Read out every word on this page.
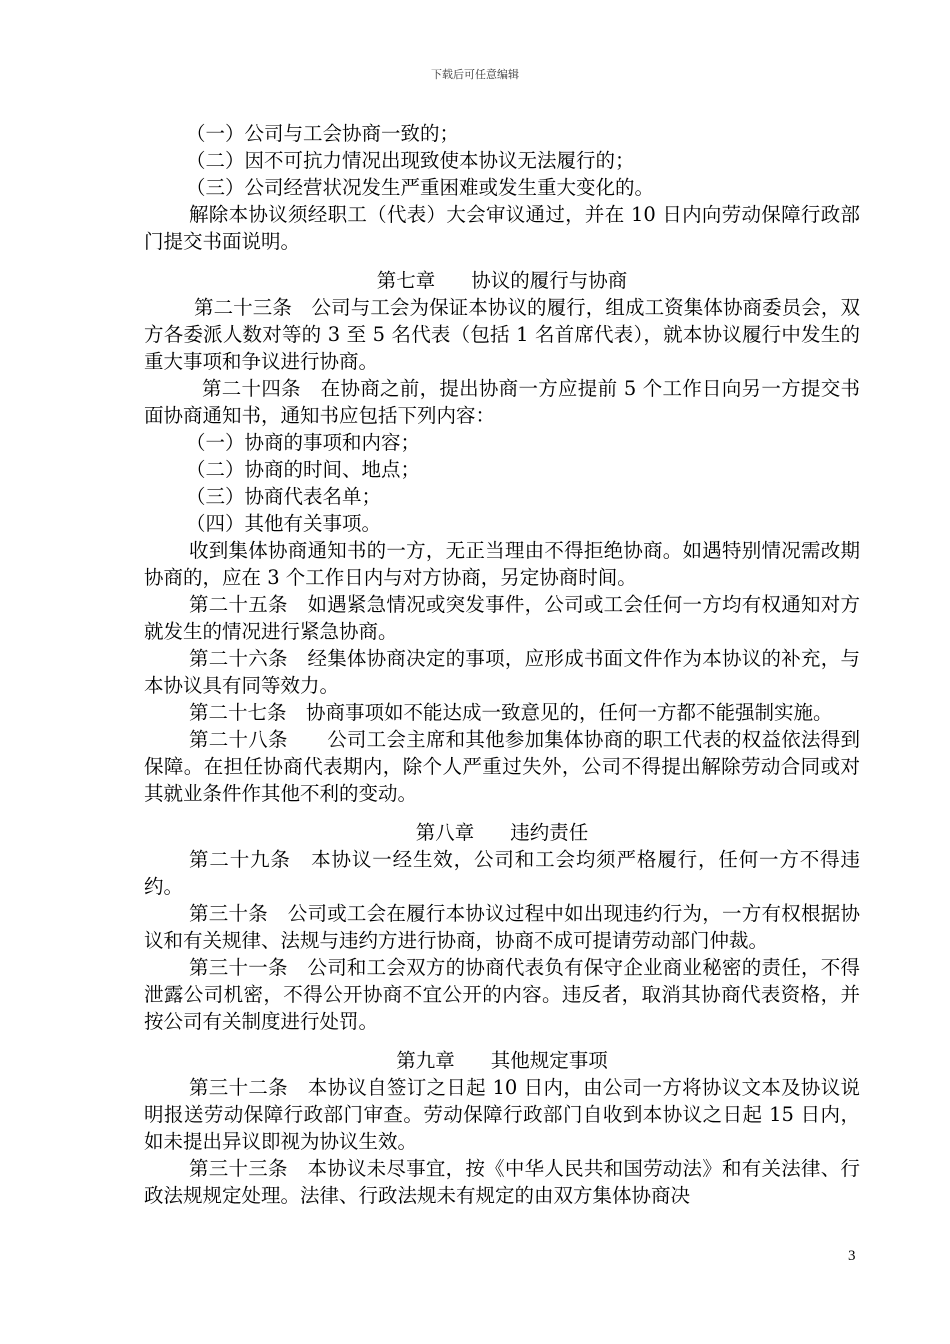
下载后可任意编辑

（一）公司与工会协商一致的；

（二）因不可抗力情况出现致使本协议无法履行的；

（三）公司经营状况发生严重困难或发生重大变化的。

解除本协议须经职工（代表）大会审议通过，并在 10 日内向劳动保障行政部门提交书面说明。

第七章 协议的履行与协商

第二十三条　公司与工会为保证本协议的履行，组成工资集体协商委员会，双方各委派人数对等的 3 至 5 名代表（包括 1 名首席代表），就本协议履行中发生的重大事项和争议进行协商。

第二十四条　在协商之前，提出协商一方应提前 5 个工作日向另一方提交书面协商通知书，通知书应包括下列内容：

（一）协商的事项和内容；

（二）协商的时间、地点；

（三）协商代表名单；

（四）其他有关事项。

收到集体协商通知书的一方，无正当理由不得拒绝协商。如遇特别情况需改期协商的，应在 3 个工作日内与对方协商，另定协商时间。

第二十五条　如遇紧急情况或突发事件，公司或工会任何一方均有权通知对方就发生的情况进行紧急协商。

第二十六条　经集体协商决定的事项，应形成书面文件作为本协议的补充，与本协议具有同等效力。

第二十七条　协商事项如不能达成一致意见的，任何一方都不能强制实施。

第二十八条　　公司工会主席和其他参加集体协商的职工代表的权益依法得到保障。在担任协商代表期内，除个人严重过失外，公司不得提出解除劳动合同或对其就业条件作其他不利的变动。

第八章 违约责任

第二十九条　本协议一经生效，公司和工会均须严格履行，任何一方不得违约。

第三十条　公司或工会在履行本协议过程中如出现违约行为，一方有权根据协议和有关规律、法规与违约方进行协商，协商不成可提请劳动部门仲裁。

第三十一条　公司和工会双方的协商代表负有保守企业商业秘密的责任，不得泄露公司机密，不得公开协商不宜公开的内容。违反者，取消其协商代表资格，并按公司有关制度进行处罚。

第九章 其他规定事项

第三十二条　本协议自签订之日起 10 日内，由公司一方将协议文本及协议说明报送劳动保障行政部门审查。劳动保障行政部门自收到本协议之日起 15 日内，如未提出异议即视为协议生效。

第三十三条　本协议未尽事宜，按《中华人民共和国劳动法》和有关法律、行政法规规定处理。法律、行政法规未有规定的由双方集体协商决

3
